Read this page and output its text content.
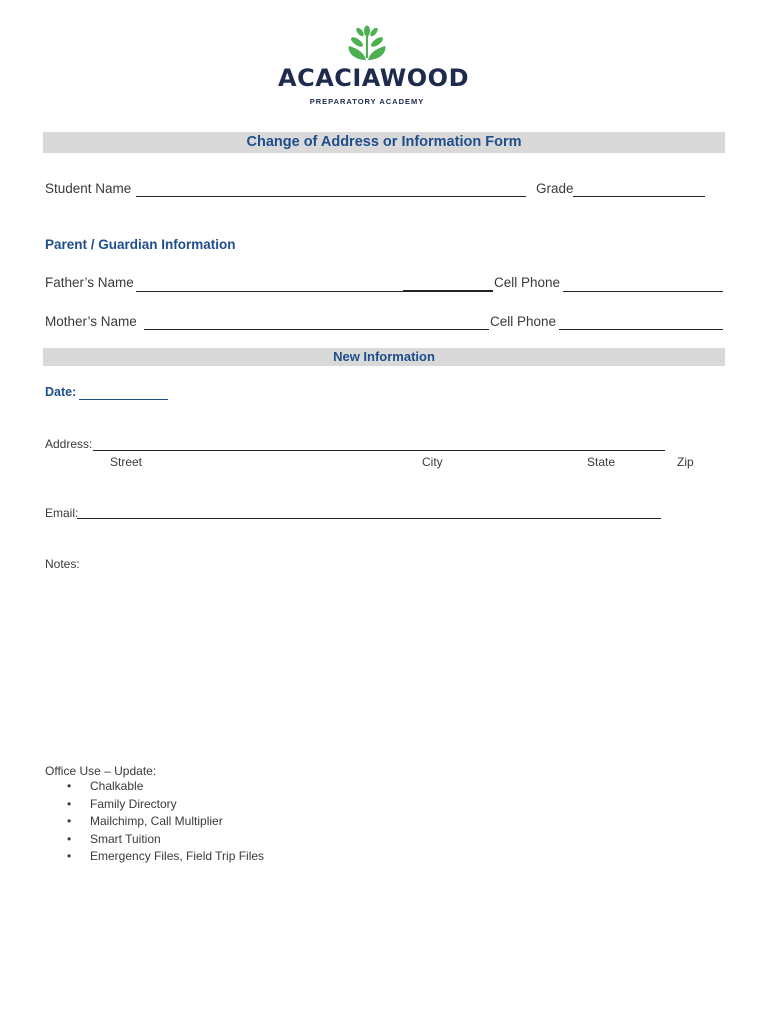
ACACIAWOOD
PREPARATORY ACADEMY
Change of Address or Information Form
Student Name	Grade
Parent / Guardian Information
Father’s Name	Cell Phone
Mother’s Name	Cell Phone
New Information
Date:
Address:
Street	City	State	Zip
Email:
Notes:
Office Use – Update:
• Chalkable
• Family Directory
• Mailchimp, Call Multiplier
• Smart Tuition
• Emergency Files, Field Trip Files
